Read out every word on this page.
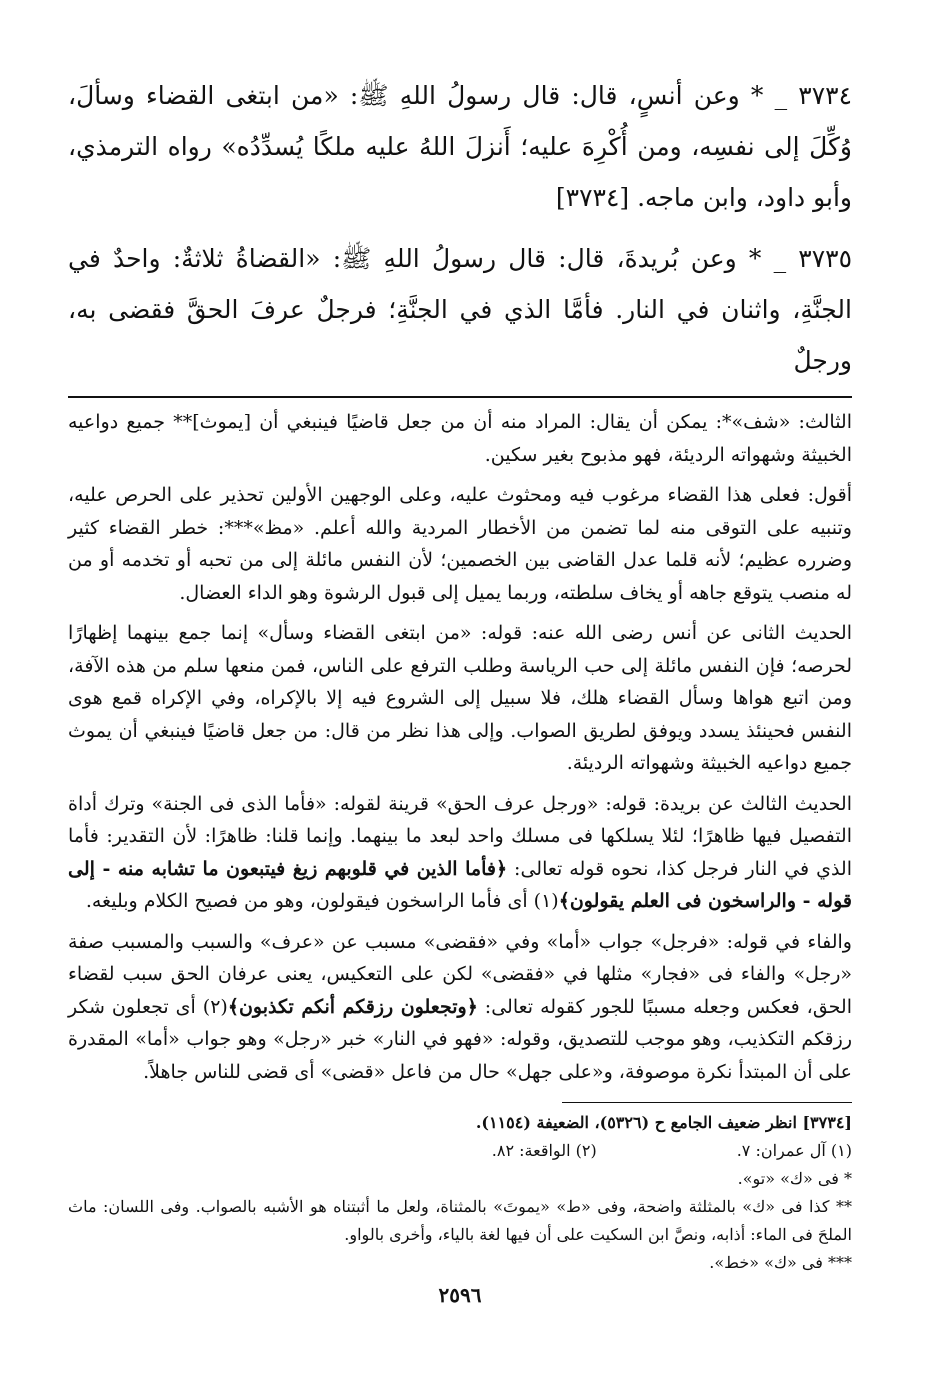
٣٧٣٤ _ * وعن أنسٍ، قال: قال رسولُ اللهِ ﷺ: «من ابتغى القضاء وسألَ، وُكِّلَ إلى نفسِه، ومن أُكْرِهَ عليه؛ أَنزلَ اللهُ عليه ملكًا يُسدِّدُه» رواه الترمذي، وأبو داود، وابن ماجه. [٣٧٣٤]

٣٧٣٥ _ * وعن بُريدةَ، قال: قال رسولُ اللهِ ﷺ: «القضاةُ ثلاثةٌ: واحدٌ في الجنَّةِ، واثنان في النار. فأمَّا الذي في الجنَّةِ؛ فرجلٌ عرفَ الحقَّ فقضى به، ورجلٌ

الثالث: «شف»*: يمكن أن يقال: المراد منه أن من جعل قاضيًا فينبغي أن [يموث]** جميع دواعيه الخبيثة وشهواته الرديئة، فهو مذبوح بغير سكين.

أقول: فعلى هذا القضاء مرغوب فيه ومحثوث عليه، وعلى الوجهين الأولين تحذير على الحرص عليه، وتنبيه على التوقى منه لما تضمن من الأخطار المردية والله أعلم. «مظ»***: خطر القضاء كثير وضرره عظيم؛ لأنه قلما عدل القاضى بين الخصمين؛ لأن النفس مائلة إلى من تحبه أو تخدمه أو من له منصب يتوقع جاهه أو يخاف سلطته، وربما يميل إلى قبول الرشوة وهو الداء العضال.

الحديث الثانى عن أنس رضى الله عنه: قوله: «من ابتغى القضاء وسأل» إنما جمع بينهما إظهارًا لحرصه؛ فإن النفس مائلة إلى حب الرياسة وطلب الترفع على الناس، فمن منعها سلم من هذه الآفة، ومن اتبع هواها وسأل القضاء هلك، فلا سبيل إلى الشروع فيه إلا بالإكراه، وفي الإكراه قمع هوى النفس فحينئذ يسدد ويوفق لطريق الصواب. وإلى هذا نظر من قال: من جعل قاضيًا فينبغي أن يموث جميع دواعيه الخبيثة وشهواته الرديئة.

الحديث الثالث عن بريدة: قوله: «ورجل عرف الحق» قرينة لقوله: «فأما الذى فى الجنة» وترك أداة التفصيل فيها ظاهرًا؛ لئلا يسلكها فى مسلك واحد لبعد ما بينهما. وإنما قلنا: ظاهرًا: لأن التقدير: فأما الذي في النار فرجل كذا، نحوه قوله تعالى: ﴿فأما الذين في قلوبهم زيغ فيتبعون ما تشابه منه - إلى قوله - والراسخون فى العلم يقولون﴾(١) أى فأما الراسخون فيقولون، وهو من فصيح الكلام وبليغه.

والفاء في قوله: «فرجل» جواب «أما» وفي «فقضى» مسبب عن «عرف» والسبب والمسبب صفة «رجل» والفاء فى «فجار» مثلها في «فقضى» لكن على التعكيس، يعنى عرفان الحق سبب لقضاء الحق، فعكس وجعله مسببًا للجور كقوله تعالى: ﴿وتجعلون رزقكم أنكم تكذبون﴾(٢) أى تجعلون شكر رزقكم التكذيب، وهو موجب للتصديق، وقوله: «فهو في النار» خبر «رجل» وهو جواب «أما» المقدرة على أن المبتدأ نكرة موصوفة، و«على جهل» حال من فاعل «قضى» أى قضى للناس جاهلاً.

[٣٧٣٤] انظر ضعيف الجامع ح (٥٣٢٦)، الضعيفة (١١٥٤).

(١) آل عمران: ٧.
(٢) الواقعة: ٨٢.

* فى «ك» «تو».

** كذا فى «ك» بالمثلثة واضحة، وفى «ط» «يموتَ» بالمثناة، ولعل ما أثبتناه هو الأشبه بالصواب. وفى اللسان: ماث الملحَ فى الماء: أذابه، ونصَّ ابن السكيت على أن فيها لغة بالياء، وأخرى بالواو.

*** فى «ك» «خط».

٢٥٩٦
